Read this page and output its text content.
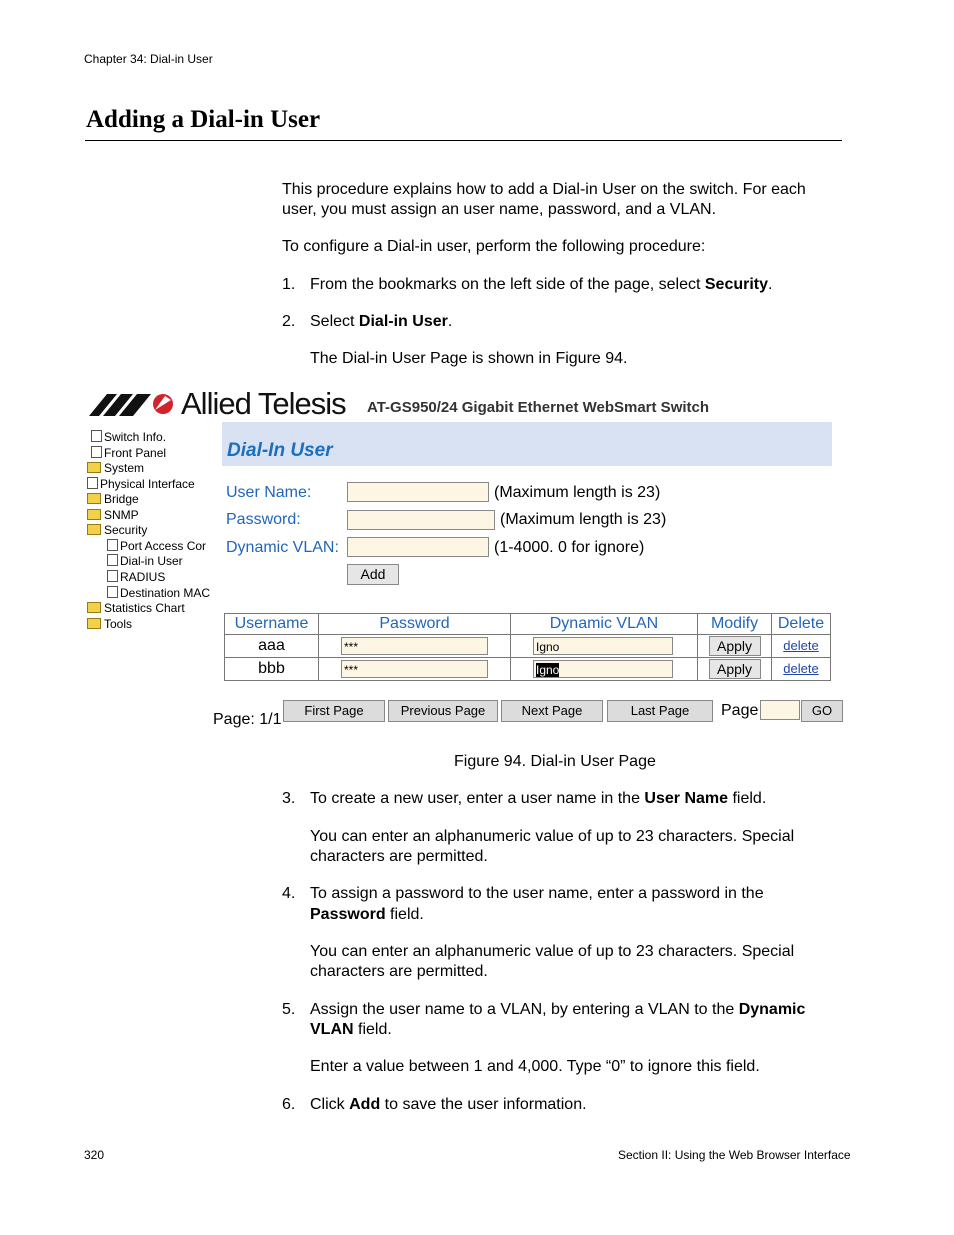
Chapter 34: Dial-in User
Adding a Dial-in User
This procedure explains how to add a Dial-in User on the switch. For each
user, you must assign an user name, password, and a VLAN.
To configure a Dial-in user, perform the following procedure:
1. From the bookmarks on the left side of the page, select Security.
2. Select Dial-in User.
The Dial-in User Page is shown in Figure 94.
Allied Telesis AT-GS950/24 Gigabit Ethernet WebSmart Switch
Switch Info.
Front Panel
System
Physical Interface
Bridge
SNMP
Security
Port Access Cor
Dial-in User
RADIUS
Destination MAC
Statistics Chart
Tools
Dial-In User
User Name:	(Maximum length is 23)
Password:	(Maximum length is 23)
Dynamic VLAN:	(1-4000. 0 for ignore)
Add
Username	Password	Dynamic VLAN	Modify	Delete
aaa	***	Igno	Apply	delete
bbb	***	Igno	Apply	delete
Page: 1/1
First Page	Previous Page	Next Page	Last Page	Page	GO
Figure 94. Dial-in User Page
3. To create a new user, enter a user name in the User Name field.
You can enter an alphanumeric value of up to 23 characters. Special
characters are permitted.
4. To assign a password to the user name, enter a password in the
Password field.
You can enter an alphanumeric value of up to 23 characters. Special
characters are permitted.
5. Assign the user name to a VLAN, by entering a VLAN to the Dynamic
VLAN field.
Enter a value between 1 and 4,000. Type “0” to ignore this field.
6. Click Add to save the user information.
320	Section II: Using the Web Browser Interface
